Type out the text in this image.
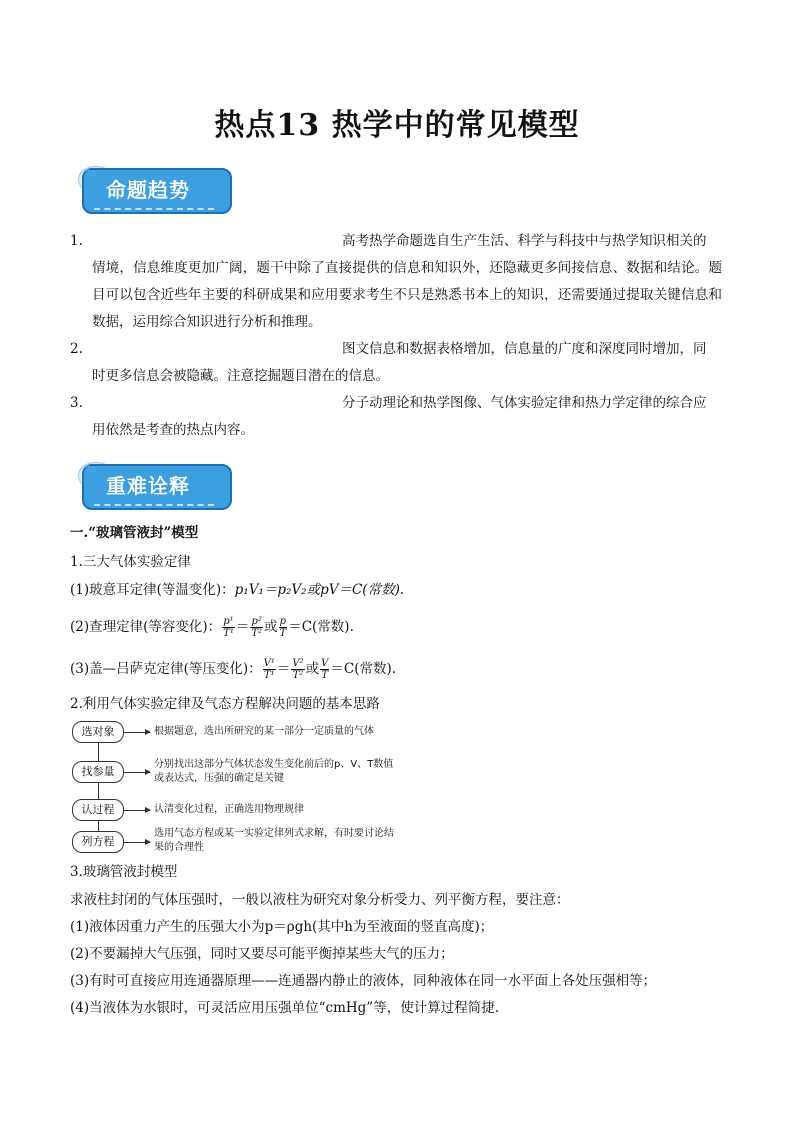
热点13 热学中的常见模型
命题趋势
≈
1.	高考热学命题选自生产生活、科学与科技中与热学知识相关的
情境，信息维度更加广阔，题干中除了直接提供的信息和知识外，还隐藏更多间接信息、数据和结论。题目可以包含近些年主要的科研成果和应用要求考生不只是熟悉书本上的知识，还需要通过提取关键信息和数据，运用综合知识进行分析和推理。
2.	图文信息和数据表格增加，信息量的广度和深度同时增加，同
时更多信息会被隐藏。注意挖掘题目潜在的信息。
3.	分子动理论和热学图像、气体实验定律和热力学定律的综合应
用依然是考查的热点内容。
重难诠释
≈
一.“玻璃管液封”模型
1.三大气体实验定律
(1)玻意耳定律(等温变化)：p₁V₁＝p₂V₂或pV＝C(常数).
(2)查理定律(等容变化)： $\frac{\text{p¹}}{\text{T¹}} = \frac{\text{p²}}{\text{T²}}$ 或 $\frac{p}{T} =C$(常数).
(3)盖—吕萨克定律(等压变化)： $\frac{\text{V¹}}{\text{T¹}} = \frac{\text{V²}}{\text{T²}}$ 或 $\frac{V}{T} =C$(常数).
2.利用气体实验定律及气态方程解决问题的基本思路
选对象	根据题意，选出所研究的某一部分一定质量的气体
找参量
分别找出这部分气体状态发生变化前后的p、V、T数值或表达式，压强的确定是关键
认过程	认清变化过程，正确选用物理规律
列方程
选用气态方程或某一实验定律列式求解，有时要讨论结果的合理性
3.玻璃管液封模型
求液柱封闭的气体压强时，一般以液柱为研究对象分析受力、列平衡方程，要注意：
(1)液体因重力产生的压强大小为p＝ρgh(其中h为至液面的竖直高度)；
(2)不要漏掉大气压强，同时又要尽可能平衡掉某些大气的压力；
(3)有时可直接应用连通器原理——连通器内静止的液体，同种液体在同一水平面上各处压强相等；
(4)当液体为水银时，可灵活应用压强单位“cmHg”等，使计算过程简捷.
